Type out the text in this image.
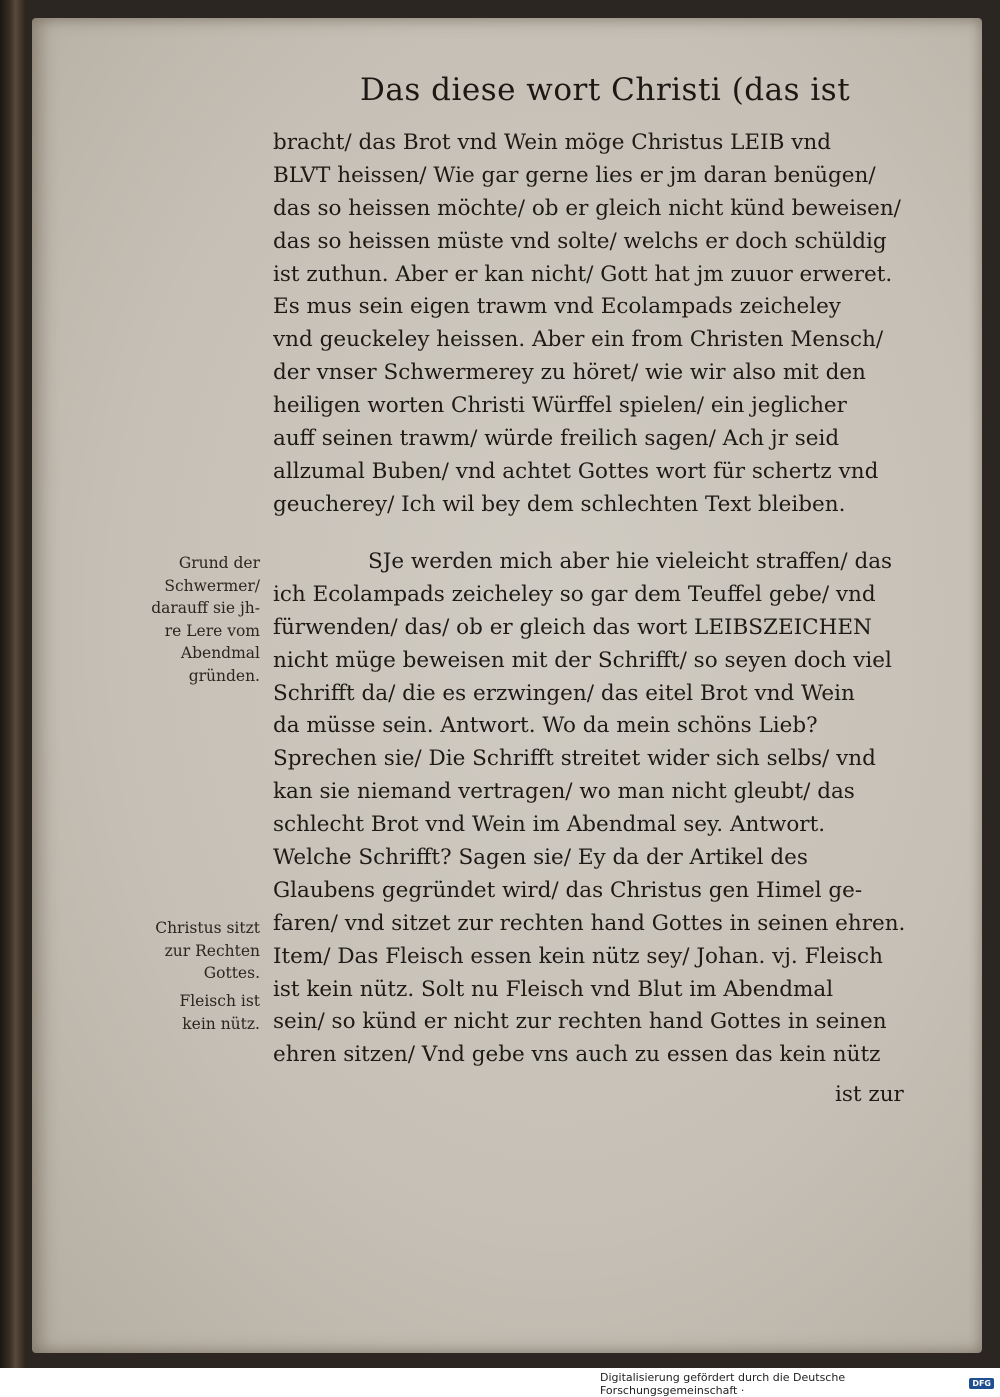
Das diese wort Christi (das ist
bracht/ das Brot vnd Wein möge Christus LEIB vnd
BLVT heissen/ Wie gar gerne lies er jm daran benügen/
das so heissen möchte/ ob er gleich nicht künd beweisen/
das so heissen müste vnd solte/ welchs er doch schüldig
ist zuthun. Aber er kan nicht/ Gott hat jm zuuor erweret.
Es mus sein eigen trawm vnd Ecolampads zeicheley
vnd geuckeley heissen. Aber ein from Christen Mensch/
der vnser Schwermerey zu höret/ wie wir also mit den
heiligen worten Christi Würffel spielen/ ein jeglicher
auff seinen trawm/ würde freilich sagen/ Ach jr seid
allzumal Buben/ vnd achtet Gottes wort für schertz vnd
geucherey/ Ich wil bey dem schlechten Text bleiben.
SJe werden mich aber hie vieleicht straffen/ das
ich Ecolampads zeicheley so gar dem Teuffel gebe/ vnd
fürwenden/ das/ ob er gleich das wort LEIBSZEICHEN
nicht müge beweisen mit der Schrifft/ so seyen doch viel
Schrifft da/ die es erzwingen/ das eitel Brot vnd Wein
da müsse sein. Antwort. Wo da mein schöns Lieb?
Sprechen sie/ Die Schrifft streitet wider sich selbs/ vnd
kan sie niemand vertragen/ wo man nicht gleubt/ das
schlecht Brot vnd Wein im Abendmal sey. Antwort.
Welche Schrifft? Sagen sie/ Ey da der Artikel des
Glaubens gegründet wird/ das Christus gen Himel ge-
faren/ vnd sitzet zur rechten hand Gottes in seinen ehren.
Item/ Das Fleisch essen kein nütz sey/ Johan. vj. Fleisch
ist kein nütz. Solt nu Fleisch vnd Blut im Abendmal
sein/ so künd er nicht zur rechten hand Gottes in seinen
ehren sitzen/ Vnd gebe vns auch zu essen das kein nütz
ist zur
Grund der
Schwermer/
darauff sie jh-
re Lere vom
Abendmal
gründen.
Christus sitzt
zur Rechten
Gottes.
Fleisch ist
kein nütz.
Digitalisierung gefördert durch die Deutsche Forschungsgemeinschaft ·	DFG
